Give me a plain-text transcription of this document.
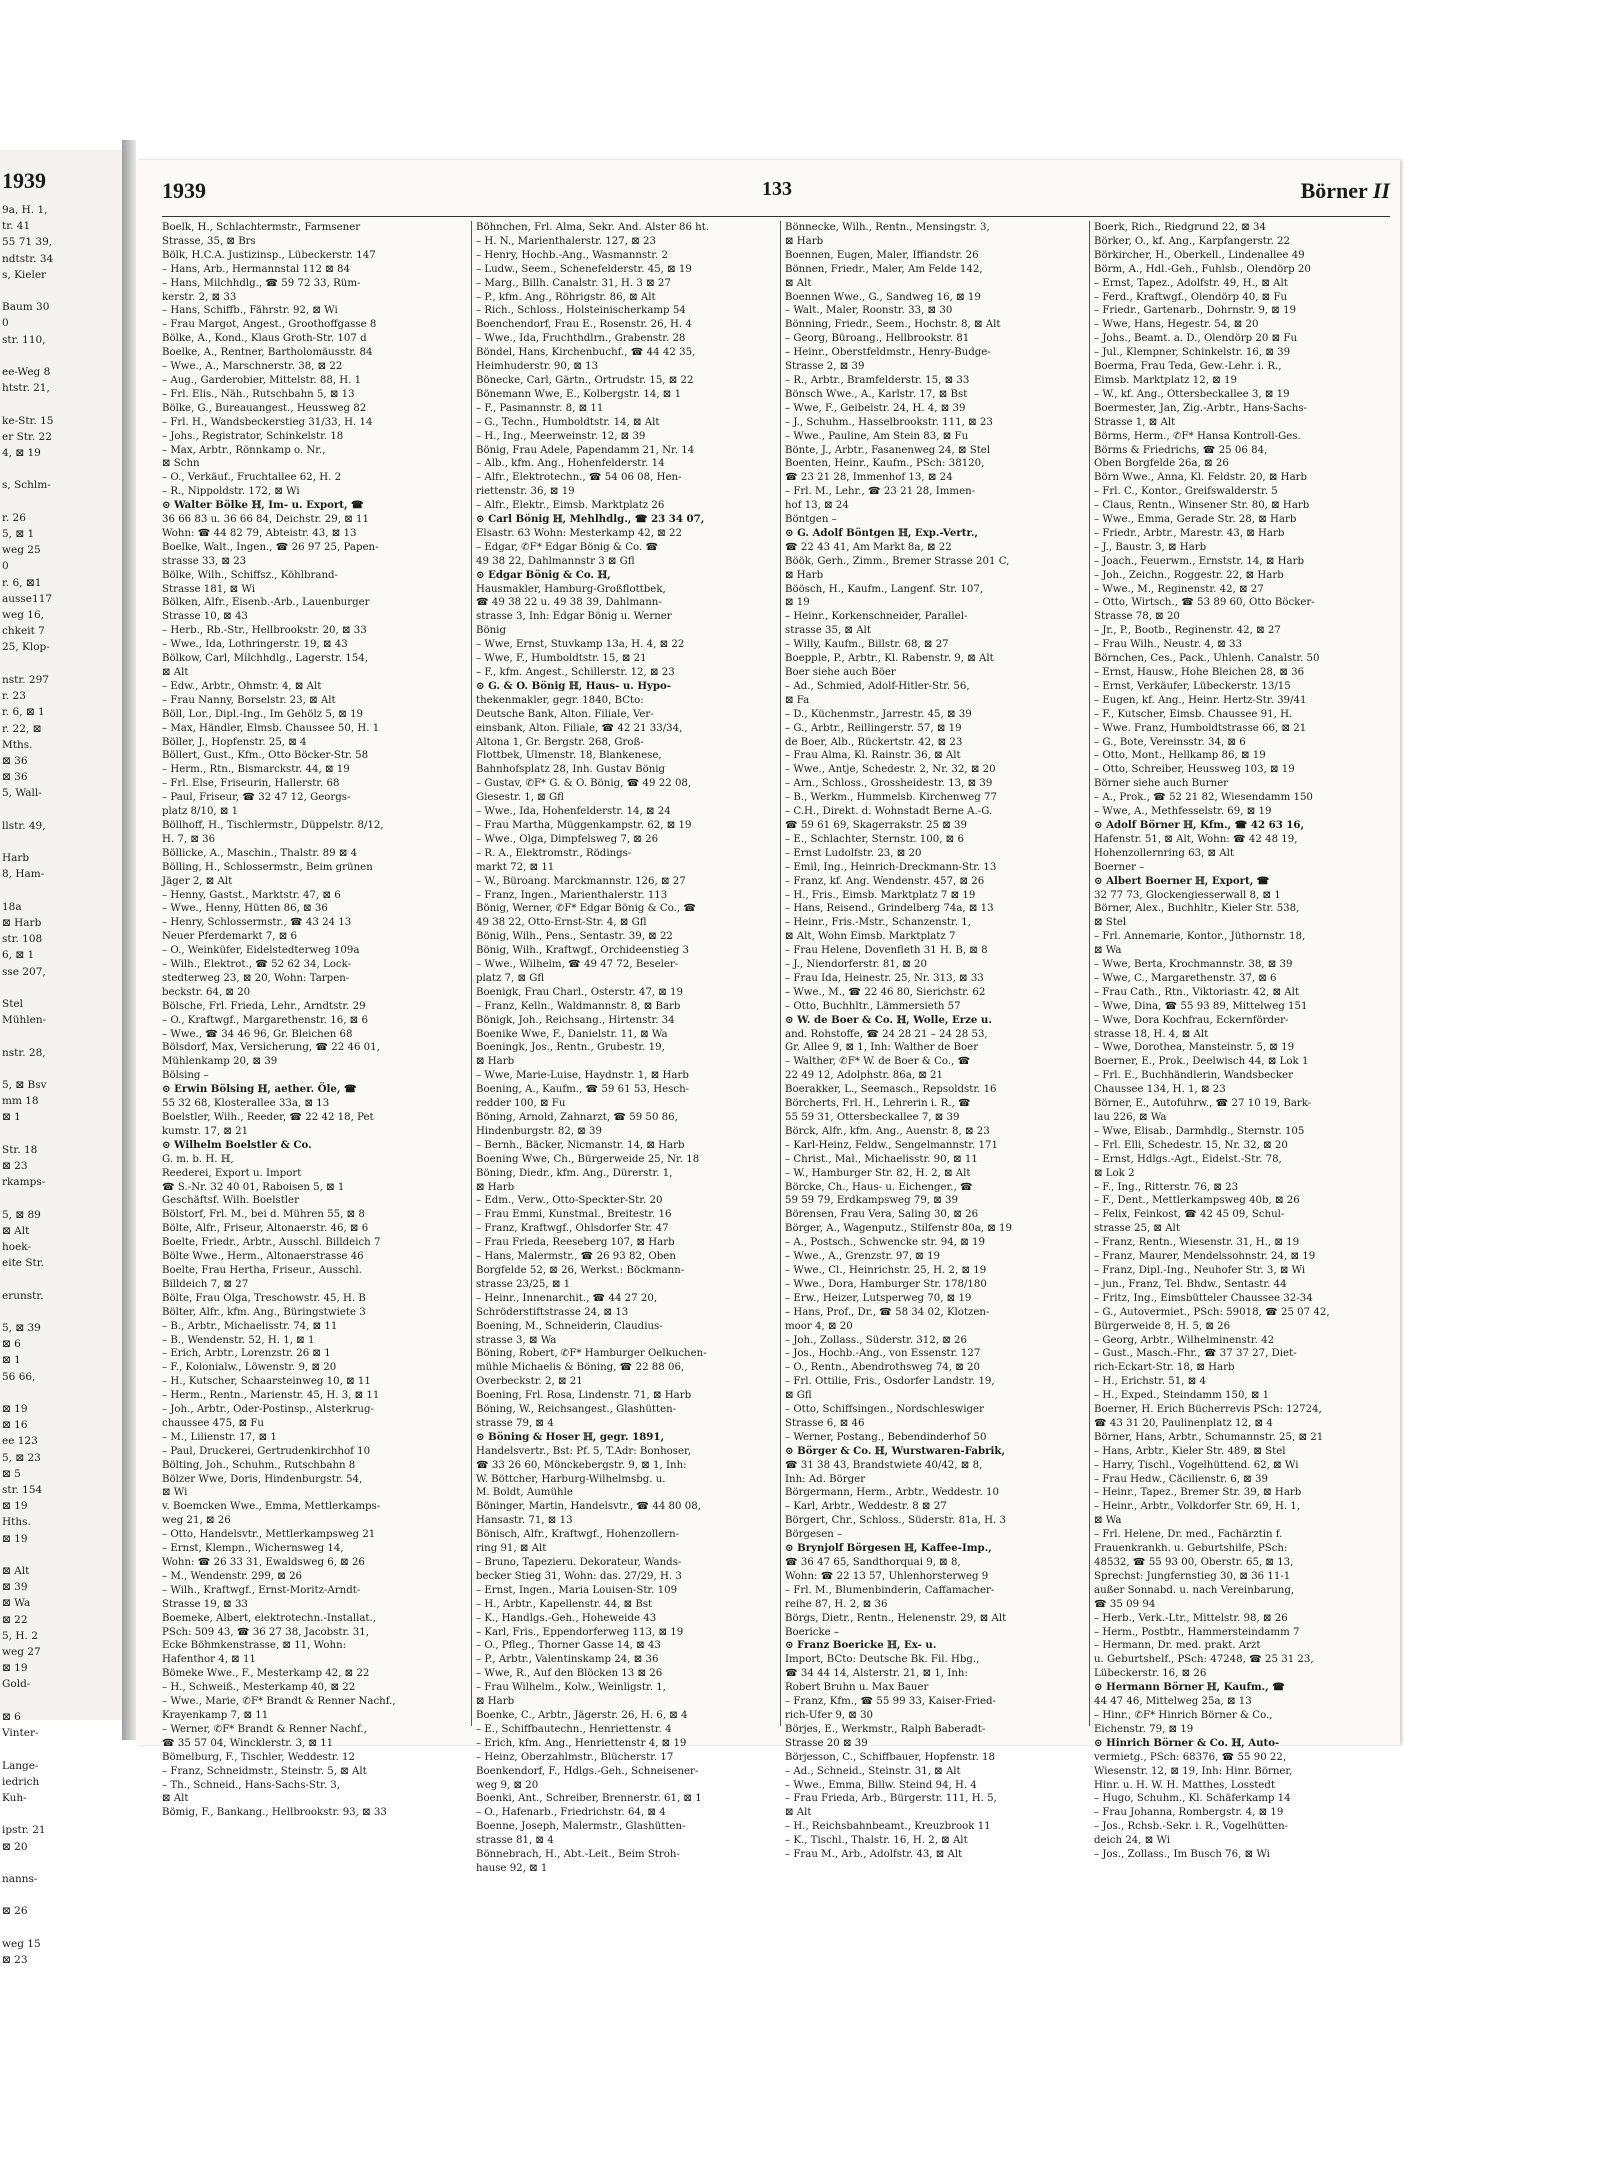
1939
9a, H. 1,
tr. 41
55 71 39,
ndtstr. 34
s, Kieler

Baum 30
0
str. 110,

ee-Weg 8
htstr. 21,

ke-Str. 15
er Str. 22
4, ⊠ 19

s, Schlm-

r. 26
5, ⊠ 1
weg 25
0
r. 6, ⊠1
ausse117
weg 16,
chkeit 7
25, Klop-

nstr. 297
r. 23
r. 6, ⊠ 1
r. 22, ⊠
Mths.
⊠ 36
⊠ 36
5, Wall-

llstr. 49,

Harb
8, Ham-

18a
⊠ Harb
str. 108
6, ⊠ 1
sse 207,

Stel
Mühlen-

nstr. 28,

5, ⊠ Bsv
mm 18
⊠ 1

Str. 18
⊠ 23
rkamps-

5, ⊠ 89
⊠ Alt
hoek-
eite Str.

erunstr.

5, ⊠ 39
⊠ 6
⊠ 1
56 66,

⊠ 19
⊠ 16
ee 123
5, ⊠ 23
⊠ 5
str. 154
⊠ 19
Hths.
⊠ 19

⊠ Alt
⊠ 39
⊠ Wa
⊠ 22
5, H. 2
weg 27
⊠ 19
Gold-

⊠ 6
Vinter-

Lange-
iedrich
Kuh-

ipstr. 21
⊠ 20

nanns-

⊠ 26

weg 15
⊠ 23
1939	133	Börner II
Boelk, H., Schlachtermstr., Farmsener
Strasse, 35, ⊠ Brs
Bölk, H.C.A. Justizinsp., Lübeckerstr. 147
– Hans, Arb., Hermannstal 112 ⊠ 84
– Hans, Milchhdlg., ☎ 59 72 33, Rüm-
kerstr. 2, ⊠ 33
– Hans, Schiffb., Fährstr. 92, ⊠ Wi
– Frau Margot, Angest., Groothoffgasse 8
Bölke, A., Kond., Klaus Groth-Str. 107 d
Boelke, A., Rentner, Bartholomäusstr. 84
– Wwe., A., Marschnerstr. 38, ⊠ 22
– Aug., Garderobier, Mittelstr. 88, H. 1
– Frl. Elis., Näh., Rutschbahn 5, ⊠ 13
Bölke, G., Bureauangest., Heussweg 82
– Frl. H., Wandsbeckerstieg 31/33, H. 14
– Johs., Registrator, Schinkelstr. 18
– Max, Arbtr., Rönnkamp o. Nr.,
⊠ Schn
– O., Verkäuf., Fruchtallee 62, H. 2
– R., Nippoldstr. 172, ⊠ Wi
⊙ Walter Bölke ℍ, Im- u. Export, ☎
36 66 83 u. 36 66 84, Deichstr. 29, ⊠ 11
Wohn: ☎ 44 82 79, Abteistr. 43, ⊠ 13
Boelke, Walt., Ingen., ☎ 26 97 25, Papen-
strasse 33, ⊠ 23
Bölke, Wilh., Schiffsz., Köhlbrand-
Strasse 181, ⊠ Wi
Bölken, Alfr., Eisenb.-Arb., Lauenburger
Strasse 10, ⊠ 43
– Herb., Rb.-Str., Hellbrookstr. 20, ⊠ 33
– Wwe., Ida, Lothringerstr. 19, ⊠ 43
Bölkow, Carl, Milchhdlg., Lagerstr. 154,
⊠ Alt
– Edw., Arbtr., Ohmstr. 4, ⊠ Alt
– Frau Nanny, Borselstr. 23, ⊠ Alt
Böll, Lor., Dipl.-Ing., Im Gehölz 5, ⊠ 19
– Max, Händler, Elmsb. Chaussee 50, H. 1
Böller, J., Hopfenstr. 25, ⊠ 4
Böllert, Gust., Kfm., Otto Böcker-Str. 58
– Herm., Rtn., Bismarckstr. 44, ⊠ 19
– Frl. Else, Friseurin, Hallerstr. 68
– Paul, Friseur, ☎ 32 47 12, Georgs-
platz 8/10, ⊠ 1
Böllhoff, H., Tischlermstr., Düppelstr. 8/12,
H. 7, ⊠ 36
Böllicke, A., Maschin., Thalstr. 89 ⊠ 4
Bölling, H., Schlossermstr., Beim grünen
Jäger 2, ⊠ Alt
– Henny, Gastst., Marktstr. 47, ⊠ 6
– Wwe., Henny, Hütten 86, ⊠ 36
– Henry, Schlossermstr., ☎ 43 24 13
Neuer Pferdemarkt 7, ⊠ 6
– O., Weinküfer, Eidelstedterweg 109a
– Wilh., Elektrot., ☎ 52 62 34, Lock-
stedterweg 23, ⊠ 20, Wohn: Tarpen-
beckstr. 64, ⊠ 20
Bölsche, Frl. Frieda, Lehr., Arndtstr. 29
– O., Kraftwgf., Margarethenstr. 16, ⊠ 6
– Wwe., ☎ 34 46 96, Gr. Bleichen 68
Bölsdorf, Max, Versicherung, ☎ 22 46 01,
Mühlenkamp 20, ⊠ 39
Bölsing –
⊙ Erwin Bölsing ℍ, aether. Öle, ☎
55 32 68, Klosterallee 33a, ⊠ 13
Boelstler, Wilh., Reeder, ☎ 22 42 18, Pet
kumstr. 17, ⊠ 21
⊙ Wilhelm Boelstler & Co.
G. m. b. H. ℍ,
Reederei, Export u. Import
☎ S.-Nr. 32 40 01, Raboisen 5, ⊠ 1
Geschäftsf. Wilh. Boelstler
Bölstorf, Frl. M., bei d. Mühren 55, ⊠ 8
Bölte, Alfr., Friseur, Altonaerstr. 46, ⊠ 6
Boelte, Friedr., Arbtr., Ausschl. Billdeich 7
Bölte Wwe., Herm., Altonaerstrasse 46
Boelte, Frau Hertha, Friseur., Ausschl.
Billdeich 7, ⊠ 27
Bölte, Frau Olga, Treschowstr. 45, H. B
Bölter, Alfr., kfm. Ang., Büringstwiete 3
– B., Arbtr., Michaelisstr. 74, ⊠ 11
– B., Wendenstr. 52, H. 1, ⊠ 1
– Erich, Arbtr., Lorenzstr. 26 ⊠ 1
– F., Kolonialw., Löwenstr. 9, ⊠ 20
– H., Kutscher, Schaarsteinweg 10, ⊠ 11
– Herm., Rentn., Marienstr. 45, H. 3, ⊠ 11
– Joh., Arbtr., Oder-Postinsp., Alsterkrug-
chaussee 475, ⊠ Fu
– M., Lilienstr. 17, ⊠ 1
– Paul, Druckerei, Gertrudenkirchhof 10
Bölting, Joh., Schuhm., Rutschbahn 8
Bölzer Wwe, Doris, Hindenburgstr. 54,
⊠ Wi
v. Boemcken Wwe., Emma, Mettlerkamps-
weg 21, ⊠ 26
– Otto, Handelsvtr., Mettlerkampsweg 21
– Ernst, Klempn., Wichernsweg 14,
Wohn: ☎ 26 33 31, Ewaldsweg 6, ⊠ 26
– M., Wendenstr. 299, ⊠ 26
– Wilh., Kraftwgf., Ernst-Moritz-Arndt-
Strasse 19, ⊠ 33
Boemeke, Albert, elektrotechn.-Installat.,
PSch: 509 43, ☎ 36 27 38, Jacobstr. 31,
Ecke Böhmkenstrasse, ⊠ 11, Wohn:
Hafenthor 4, ⊠ 11
Bömeke Wwe., F., Mesterkamp 42, ⊠ 22
– H., Schweiß., Mesterkamp 40, ⊠ 22
– Wwe., Marie, ✆F* Brandt & Renner Nachf.,
Krayenkamp 7, ⊠ 11
– Werner, ✆F* Brandt & Renner Nachf.,
☎ 35 57 04, Wincklerstr. 3, ⊠ 11
Bömelburg, F., Tischler, Weddestr. 12
– Franz, Schneidmstr., Steinstr. 5, ⊠ Alt
– Th., Schneid., Hans-Sachs-Str. 3,
⊠ Alt
Bömig, F., Bankang., Hellbrookstr. 93, ⊠ 33
Böhnchen, Frl. Alma, Sekr. And. Alster 86 ht.
– H. N., Marienthalerstr. 127, ⊠ 23
– Henry, Hochb.-Ang., Wasmannstr. 2
– Ludw., Seem., Schenefelderstr. 45, ⊠ 19
– Marg., Billh. Canalstr. 31, H. 3 ⊠ 27
– P., kfm. Ang., Röhrigstr. 86, ⊠ Alt
– Rich., Schloss., Holsteinischerkamp 54
Boenchendorf, Frau E., Rosenstr. 26, H. 4
– Wwe., Ida, Fruchthdlrn., Grabenstr. 28
Böndel, Hans, Kirchenbuchf., ☎ 44 42 35,
Heimhuderstr. 90, ⊠ 13
Bönecke, Carl, Gärtn., Ortrudstr. 15, ⊠ 22
Bönemann Wwe, E., Kolbergstr. 14, ⊠ 1
– F., Pasmannstr. 8, ⊠ 11
– G., Techn., Humboldtstr. 14, ⊠ Alt
– H., Ing., Meerweinstr. 12, ⊠ 39
Bönig, Frau Adele, Papendamm 21, Nr. 14
– Alb., kfm. Ang., Hohenfelderstr. 14
– Alfr., Elektrotechn., ☎ 54 06 08, Hen-
riettenstr. 36, ⊠ 19
– Alfr., Elektr., Eimsb. Marktplatz 26
⊙ Carl Bönig ℍ, Mehlhdlg., ☎ 23 34 07,
Elsastr. 63 Wohn: Mesterkamp 42, ⊠ 22
– Edgar, ✆F* Edgar Bönig & Co. ☎
49 38 22, Dahlmannstr 3 ⊠ Gfl
⊙ Edgar Bönig & Co. ℍ,
Hausmakler, Hamburg-Großflottbek,
☎ 49 38 22 u. 49 38 39, Dahlmann-
strasse 3, Inh: Edgar Bönig u. Werner
Bönig
– Wwe, Ernst, Stuvkamp 13a, H. 4, ⊠ 22
– Wwe, F., Humboldtstr. 15, ⊠ 21
– F., kfm. Angest., Schillerstr. 12, ⊠ 23
⊙ G. & O. Bönig ℍ, Haus- u. Hypo-
thekenmakler, gegr. 1840, BCto:
Deutsche Bank, Alton. Filiale, Ver-
einsbank, Alton. Filiale, ☎ 42 21 33/34,
Altona 1, Gr. Bergstr. 268, Groß-
Flottbek, Ulmenstr. 18, Blankenese,
Bahnhofsplatz 28, Inh. Gustav Bönig
– Gustav, ✆F* G. & O. Bönig, ☎ 49 22 08,
Giesestr. 1, ⊠ Gfl
– Wwe., Ida, Hohenfelderstr. 14, ⊠ 24
– Frau Martha, Müggenkampstr. 62, ⊠ 19
– Wwe., Olga, Dimpfelsweg 7, ⊠ 26
– R. A., Elektromstr., Rödings-
markt 72, ⊠ 11
– W., Büroang. Marckmannstr. 126, ⊠ 27
– Franz, Ingen., Marienthalerstr. 113
Bönig, Werner, ✆F* Edgar Bönig & Co., ☎
49 38 22, Otto-Ernst-Str. 4, ⊠ Gfl
Bönig, Wilh., Pens., Sentastr. 39, ⊠ 22
Bönig, Wilh., Kraftwgf., Orchideenstieg 3
– Wwe., Wilhelm, ☎ 49 47 72, Beseler-
platz 7, ⊠ Gfl
Boenigk, Frau Charl., Osterstr. 47, ⊠ 19
– Franz, Kelln., Waldmannstr. 8, ⊠ Barb
Bönigk, Joh., Reichsang., Hirtenstr. 34
Boenike Wwe, F., Danielstr. 11, ⊠ Wa
Boeningk, Jos., Rentn., Grubestr. 19,
⊠ Harb
– Wwe, Marie-Luise, Haydnstr. 1, ⊠ Harb
Boening, A., Kaufm., ☎ 59 61 53, Hesch-
redder 100, ⊠ Fu
Böning, Arnold, Zahnarzt, ☎ 59 50 86,
Hindenburgstr. 82, ⊠ 39
– Bernh., Bäcker, Nicmanstr. 14, ⊠ Harb
Boening Wwe, Ch., Bürgerweide 25, Nr. 18
Böning, Diedr., kfm. Ang., Dürerstr. 1,
⊠ Harb
– Edm., Verw., Otto-Speckter-Str. 20
– Frau Emmi, Kunstmal., Breitestr. 16
– Franz, Kraftwgf., Ohlsdorfer Str. 47
– Frau Frieda, Reeseberg 107, ⊠ Harb
– Hans, Malermstr., ☎ 26 93 82, Oben
Borgfelde 52, ⊠ 26, Werkst.: Böckmann-
strasse 23/25, ⊠ 1
– Heinr., Innenarchit., ☎ 44 27 20,
Schröderstiftstrasse 24, ⊠ 13
Boening, M., Schneiderin, Claudius-
strasse 3, ⊠ Wa
Böning, Robert, ✆F* Hamburger Oelkuchen-
mühle Michaelis & Böning, ☎ 22 88 06,
Overbeckstr. 2, ⊠ 21
Boening, Frl. Rosa, Lindenstr. 71, ⊠ Harb
Böning, W., Reichsangest., Glashütten-
strasse 79, ⊠ 4
⊙ Böning & Hoser ℍ, gegr. 1891,
Handelsvertr., Bst: Pf. 5, T.Adr: Bonhoser,
☎ 33 26 60, Mönckebergstr. 9, ⊠ 1, Inh:
W. Böttcher, Harburg-Wilhelmsbg. u.
M. Boldt, Aumühle
Böninger, Martin, Handelsvtr., ☎ 44 80 08,
Hansastr. 71, ⊠ 13
Bönisch, Alfr., Kraftwgf., Hohenzollern-
ring 91, ⊠ Alt
– Bruno, Tapezieru. Dekorateur, Wands-
becker Stieg 31, Wohn: das. 27/29, H. 3
– Ernst, Ingen., Maria Louisen-Str. 109
– H., Arbtr., Kapellenstr. 44, ⊠ Bst
– K., Handlgs.-Geh., Hoheweide 43
– Karl, Fris., Eppendorferweg 113, ⊠ 19
– O., Pfleg., Thorner Gasse 14, ⊠ 43
– P., Arbtr., Valentinskamp 24, ⊠ 36
– Wwe, R., Auf den Blöcken 13 ⊠ 26
– Frau Wilhelm., Kolw., Weinligstr. 1,
⊠ Harb
Boenke, C., Arbtr., Jägerstr. 26, H. 6, ⊠ 4
– E., Schiffbautechn., Henriettenstr. 4
– Erich, kfm. Ang., Henriettenstr 4, ⊠ 19
– Heinz, Oberzahlmstr., Blücherstr. 17
Boenkendorf, F., Hdlgs.-Geh., Schneisener-
weg 9, ⊠ 20
Boenki, Ant., Schreiber, Brennerstr. 61, ⊠ 1
– O., Hafenarb., Friedrichstr. 64, ⊠ 4
Boenne, Joseph, Malermstr., Glashütten-
strasse 81, ⊠ 4
Bönnebrach, H., Abt.-Leit., Beim Stroh-
hause 92, ⊠ 1
Bönnecke, Wilh., Rentn., Mensingstr. 3,
⊠ Harb
Boennen, Eugen, Maler, Iffiandstr. 26
Bönnen, Friedr., Maler, Am Felde 142,
⊠ Alt
Boennen Wwe., G., Sandweg 16, ⊠ 19
– Walt., Maler, Roonstr. 33, ⊠ 30
Bönning, Friedr., Seem., Hochstr. 8, ⊠ Alt
– Georg, Büroang., Hellbrookstr. 81
– Heinr., Oberstfeldmstr., Henry-Budge-
Strasse 2, ⊠ 39
– R., Arbtr., Bramfelderstr. 15, ⊠ 33
Bönsch Wwe., A., Karlstr. 17, ⊠ Bst
– Wwe, F., Geibelstr. 24, H. 4, ⊠ 39
– J., Schuhm., Hasselbrookstr. 111, ⊠ 23
– Wwe., Pauline, Am Stein 83, ⊠ Fu
Bönte, J., Arbtr., Fasanenweg 24, ⊠ Stel
Boenten, Heinr., Kaufm., PSch: 38120,
☎ 23 21 28, Immenhof 13, ⊠ 24
– Frl. M., Lehr., ☎ 23 21 28, Immen-
hof 13, ⊠ 24
Böntgen –
⊙ G. Adolf Böntgen ℍ, Exp.-Vertr.,
☎ 22 43 41, Am Markt 8a, ⊠ 22
Böök, Gerh., Zimm., Bremer Strasse 201 C,
⊠ Harb
Böösch, H., Kaufm., Langenf. Str. 107,
⊠ 19
– Heinr., Korkenschneider, Parallel-
strasse 35, ⊠ Alt
– Willy, Kaufm., Billstr. 68, ⊠ 27
Boepple, P., Arbtr., Kl. Rabenstr. 9, ⊠ Alt
Boer siehe auch Böer
– Ad., Schmied, Adolf-Hitler-Str. 56,
⊠ Fa
– D., Küchenmstr., Jarrestr. 45, ⊠ 39
– G., Arbtr., Reillingerstr. 57, ⊠ 19
de Boer, Alb., Rückertstr. 42, ⊠ 23
– Frau Alma, Kl. Rainstr. 36, ⊠ Alt
– Wwe., Antje, Schedestr. 2, Nr. 32, ⊠ 20
– Arn., Schloss., Grossheidestr. 13, ⊠ 39
– B., Werkm., Hummelsb. Kirchenweg 77
– C.H., Direkt. d. Wohnstadt Berne A.-G.
☎ 59 61 69, Skagerrakstr. 25 ⊠ 39
– E., Schlachter, Sternstr. 100, ⊠ 6
– Ernst Ludolfstr. 23, ⊠ 20
– Emil, Ing., Heinrich-Dreckmann-Str. 13
– Franz, kf. Ang. Wendenstr. 457, ⊠ 26
– H., Fris., Eimsb. Marktplatz 7 ⊠ 19
– Hans, Reisend., Grindelberg 74a, ⊠ 13
– Heinr., Fris.-Mstr., Schanzenstr. 1,
⊠ Alt, Wohn Eimsb. Marktplatz 7
– Frau Helene, Dovenfleth 31 H. B, ⊠ 8
– J., Niendorferstr. 81, ⊠ 20
– Frau Ida, Heinestr. 25, Nr. 313, ⊠ 33
– Wwe., M., ☎ 22 46 80, Sierichstr. 62
– Otto, Buchhltr., Lämmersieth 57
⊙ W. de Boer & Co. ℍ, Wolle, Erze u.
and. Rohstoffe, ☎ 24 28 21 – 24 28 53,
Gr. Allee 9, ⊠ 1, Inh: Walther de Boer
– Walther, ✆F* W. de Boer & Co., ☎
22 49 12, Adolphstr. 86a, ⊠ 21
Boerakker, L., Seemasch., Repsoldstr. 16
Börcherts, Frl. H., Lehrerin i. R., ☎
55 59 31, Ottersbeckallee 7, ⊠ 39
Börck, Alfr., kfm. Ang., Auenstr. 8, ⊠ 23
– Karl-Heinz, Feldw., Sengelmannstr. 171
– Christ., Mal., Michaelisstr. 90, ⊠ 11
– W., Hamburger Str. 82, H. 2, ⊠ Alt
Börcke, Ch., Haus- u. Eichenger., ☎
59 59 79, Erdkampsweg 79, ⊠ 39
Börensen, Frau Vera, Saling 30, ⊠ 26
Börger, A., Wagenputz., Stilfenstr 80a, ⊠ 19
– A., Postsch., Schwencke str. 94, ⊠ 19
– Wwe., A., Grenzstr. 97, ⊠ 19
– Wwe., Cl., Heinrichstr. 25, H. 2, ⊠ 19
– Wwe., Dora, Hamburger Str. 178/180
– Erw., Heizer, Lutsperweg 70, ⊠ 19
– Hans, Prof., Dr., ☎ 58 34 02, Klotzen-
moor 4, ⊠ 20
– Joh., Zollass., Süderstr. 312, ⊠ 26
– Jos., Hochb.-Ang., von Essenstr. 127
– O., Rentn., Abendrothsweg 74, ⊠ 20
– Frl. Ottilie, Fris., Osdorfer Landstr. 19,
⊠ Gfl
– Otto, Schiffsingen., Nordschleswiger
Strasse 6, ⊠ 46
– Werner, Postang., Bebendinderhof 50
⊙ Börger & Co. ℍ, Wurstwaren-Fabrik,
☎ 31 38 43, Brandstwiete 40/42, ⊠ 8,
Inh: Ad. Börger
Börgermann, Herm., Arbtr., Weddestr. 10
– Karl, Arbtr., Weddestr. 8 ⊠ 27
Börgert, Chr., Schloss., Süderstr. 81a, H. 3
Börgesen –
⊙ Brynjolf Börgesen ℍ, Kaffee-Imp.,
☎ 36 47 65, Sandthorquai 9, ⊠ 8,
Wohn: ☎ 22 13 57, Uhlenhorsterweg 9
– Frl. M., Blumenbinderin, Caffamacher-
reihe 87, H. 2, ⊠ 36
Börgs, Dietr., Rentn., Helenenstr. 29, ⊠ Alt
Boericke –
⊙ Franz Boericke ℍ, Ex- u.
Import, BCto: Deutsche Bk. Fil. Hbg.,
☎ 34 44 14, Alsterstr. 21, ⊠ 1, Inh:
Robert Bruhn u. Max Bauer
– Franz, Kfm., ☎ 55 99 33, Kaiser-Fried-
rich-Ufer 9, ⊠ 30
Börjes, E., Werkmstr., Ralph Baberadt-
Strasse 20 ⊠ 39
Börjesson, C., Schiffbauer, Hopfenstr. 18
– Ad., Schneid., Steinstr. 31, ⊠ Alt
– Wwe., Emma, Billw. Steind 94, H. 4
– Frau Frieda, Arb., Bürgerstr. 111, H. 5,
⊠ Alt
– H., Reichsbahnbeamt., Kreuzbrook 11
– K., Tischl., Thalstr. 16, H. 2, ⊠ Alt
– Frau M., Arb., Adolfstr. 43, ⊠ Alt
Boerk, Rich., Riedgrund 22, ⊠ 34
Börker, O., kf. Ang., Karpfangerstr. 22
Börkircher, H., Oberkell., Lindenallee 49
Börm, A., Hdl.-Geh., Fuhlsb., Olendörp 20
– Ernst, Tapez., Adolfstr. 49, H., ⊠ Alt
– Ferd., Kraftwgf., Olendörp 40, ⊠ Fu
– Friedr., Gartenarb., Dohrnstr. 9, ⊠ 19
– Wwe, Hans, Hegestr. 54, ⊠ 20
– Johs., Beamt. a. D., Olendörp 20 ⊠ Fu
– Jul., Klempner, Schinkelstr. 16, ⊠ 39
Boerma, Frau Teda, Gew.-Lehr. i. R.,
Eimsb. Marktplatz 12, ⊠ 19
– W., kf. Ang., Ottersbeckallee 3, ⊠ 19
Boermester, Jan, Zig.-Arbtr., Hans-Sachs-
Strasse 1, ⊠ Alt
Börms, Herm., ✆F* Hansa Kontroll-Ges.
Börms & Friedrichs, ☎ 25 06 84,
Oben Borgfelde 26a, ⊠ 26
Börn Wwe., Anna, Kl. Feldstr. 20, ⊠ Harb
– Frl. C., Kontor., Greifswalderstr. 5
– Claus, Rentn., Winsener Str. 80, ⊠ Harb
– Wwe., Emma, Gerade Str. 28, ⊠ Harb
– Friedr., Arbtr., Marestr. 43, ⊠ Harb
– J., Baustr. 3, ⊠ Harb
– Joach., Feuerwm., Ernststr. 14, ⊠ Harb
– Joh., Zeichn., Roggestr. 22, ⊠ Harb
– Wwe., M., Reginenstr. 42, ⊠ 27
– Otto, Wirtsch., ☎ 53 89 60, Otto Böcker-
Strasse 78, ⊠ 20
– Jr., P., Bootb., Reginenstr. 42, ⊠ 27
– Frau Wilh., Neustr. 4, ⊠ 33
Börnchen, Ces., Pack., Uhlenh. Canalstr. 50
– Ernst, Hausw., Hohe Bleichen 28, ⊠ 36
– Ernst, Verkäufer, Lübeckerstr. 13/15
– Eugen, kf. Ang., Heinr. Hertz-Str. 39/41
– F., Kutscher, Eimsb. Chaussee 91, H.
– Wwe. Franz, Humboldtstrasse 66, ⊠ 21
– G., Bote, Vereinsstr. 34, ⊠ 6
– Otto, Mont., Hellkamp 86, ⊠ 19
– Otto, Schreiber, Heussweg 103, ⊠ 19
Börner siehe auch Burner
– A., Prok., ☎ 52 21 82, Wiesendamm 150
– Wwe, A., Methfesselstr. 69, ⊠ 19
⊙ Adolf Börner ℍ, Kfm., ☎ 42 63 16,
Hafenstr. 51, ⊠ Alt, Wohn: ☎ 42 48 19,
Hohenzollernring 63, ⊠ Alt
Boerner –
⊙ Albert Boerner ℍ, Export, ☎
32 77 73, Glockengiesserwall 8, ⊠ 1
Börner, Alex., Buchhltr., Kieler Str. 538,
⊠ Stel
– Frl. Annemarie, Kontor., Jüthornstr. 18,
⊠ Wa
– Wwe, Berta, Krochmannstr. 38, ⊠ 39
– Wwe, C., Margarethenstr. 37, ⊠ 6
– Frau Cath., Rtn., Viktoriastr. 42, ⊠ Alt
– Wwe, Dina, ☎ 55 93 89, Mittelweg 151
– Wwe, Dora Kochfrau, Eckernförder-
strasse 18, H. 4, ⊠ Alt
– Wwe, Dorothea, Mansteinstr. 5, ⊠ 19
Boerner, E., Prok., Deelwisch 44, ⊠ Lok 1
– Frl. E., Buchhändlerin, Wandsbecker
Chaussee 134, H. 1, ⊠ 23
Börner, E., Autofuhrw., ☎ 27 10 19, Bark-
lau 226, ⊠ Wa
– Wwe, Elisab., Darmhdlg., Sternstr. 105
– Frl. Elli, Schedestr. 15, Nr. 32, ⊠ 20
– Ernst, Hdlgs.-Agt., Eidelst.-Str. 78,
⊠ Lok 2
– F., Ing., Ritterstr. 76, ⊠ 23
– F., Dent., Mettlerkampsweg 40b, ⊠ 26
– Felix, Feinkost, ☎ 42 45 09, Schul-
strasse 25, ⊠ Alt
– Franz, Rentn., Wiesenstr. 31, H., ⊠ 19
– Franz, Maurer, Mendelssohnstr. 24, ⊠ 19
– Franz, Dipl.-Ing., Neuhofer Str. 3, ⊠ Wi
– jun., Franz, Tel. Bhdw., Sentastr. 44
– Fritz, Ing., Eimsbütteler Chaussee 32-34
– G., Autovermiet., PSch: 59018, ☎ 25 07 42,
Bürgerweide 8, H. 5, ⊠ 26
– Georg, Arbtr., Wilhelminenstr. 42
– Gust., Masch.-Fhr., ☎ 37 37 27, Diet-
rich-Eckart-Str. 18, ⊠ Harb
– H., Erichstr. 51, ⊠ 4
– H., Exped., Steindamm 150, ⊠ 1
Boerner, H. Erich Bücherrevis PSch: 12724,
☎ 43 31 20, Paulinenplatz 12, ⊠ 4
Börner, Hans, Arbtr., Schumannstr. 25, ⊠ 21
– Hans, Arbtr., Kieler Str. 489, ⊠ Stel
– Harry, Tischl., Vogelhüttend. 62, ⊠ Wi
– Frau Hedw., Cäcilienstr. 6, ⊠ 39
– Heinr., Tapez., Bremer Str. 39, ⊠ Harb
– Heinr., Arbtr., Volkdorfer Str. 69, H. 1,
⊠ Wa
– Frl. Helene, Dr. med., Fachärztin f.
Frauenkrankh. u. Geburtshilfe, PSch:
48532, ☎ 55 93 00, Oberstr. 65, ⊠ 13,
Sprechst: Jungfernstieg 30, ⊠ 36 11-1
außer Sonnabd. u. nach Vereinbarung,
☎ 35 09 94
– Herb., Verk.-Ltr., Mittelstr. 98, ⊠ 26
– Herm., Postbtr., Hammersteindamm 7
– Hermann, Dr. med. prakt. Arzt
u. Geburtshelf., PSch: 47248, ☎ 25 31 23,
Lübeckerstr. 16, ⊠ 26
⊙ Hermann Börner ℍ, Kaufm., ☎
44 47 46, Mittelweg 25a, ⊠ 13
– Hinr., ✆F* Hinrich Börner & Co.,
Eichenstr. 79, ⊠ 19
⊙ Hinrich Börner & Co. ℍ, Auto-
vermietg., PSch: 68376, ☎ 55 90 22,
Wiesenstr. 12, ⊠ 19, Inh: Hinr. Börner,
Hinr. u. H. W. H. Matthes, Losstedt
– Hugo, Schuhm., Kl. Schäferkamp 14
– Frau Johanna, Rombergstr. 4, ⊠ 19
– Jos., Rchsb.-Sekr. i. R., Vogelhütten-
deich 24, ⊠ Wi
– Jos., Zollass., Im Busch 76, ⊠ Wi
